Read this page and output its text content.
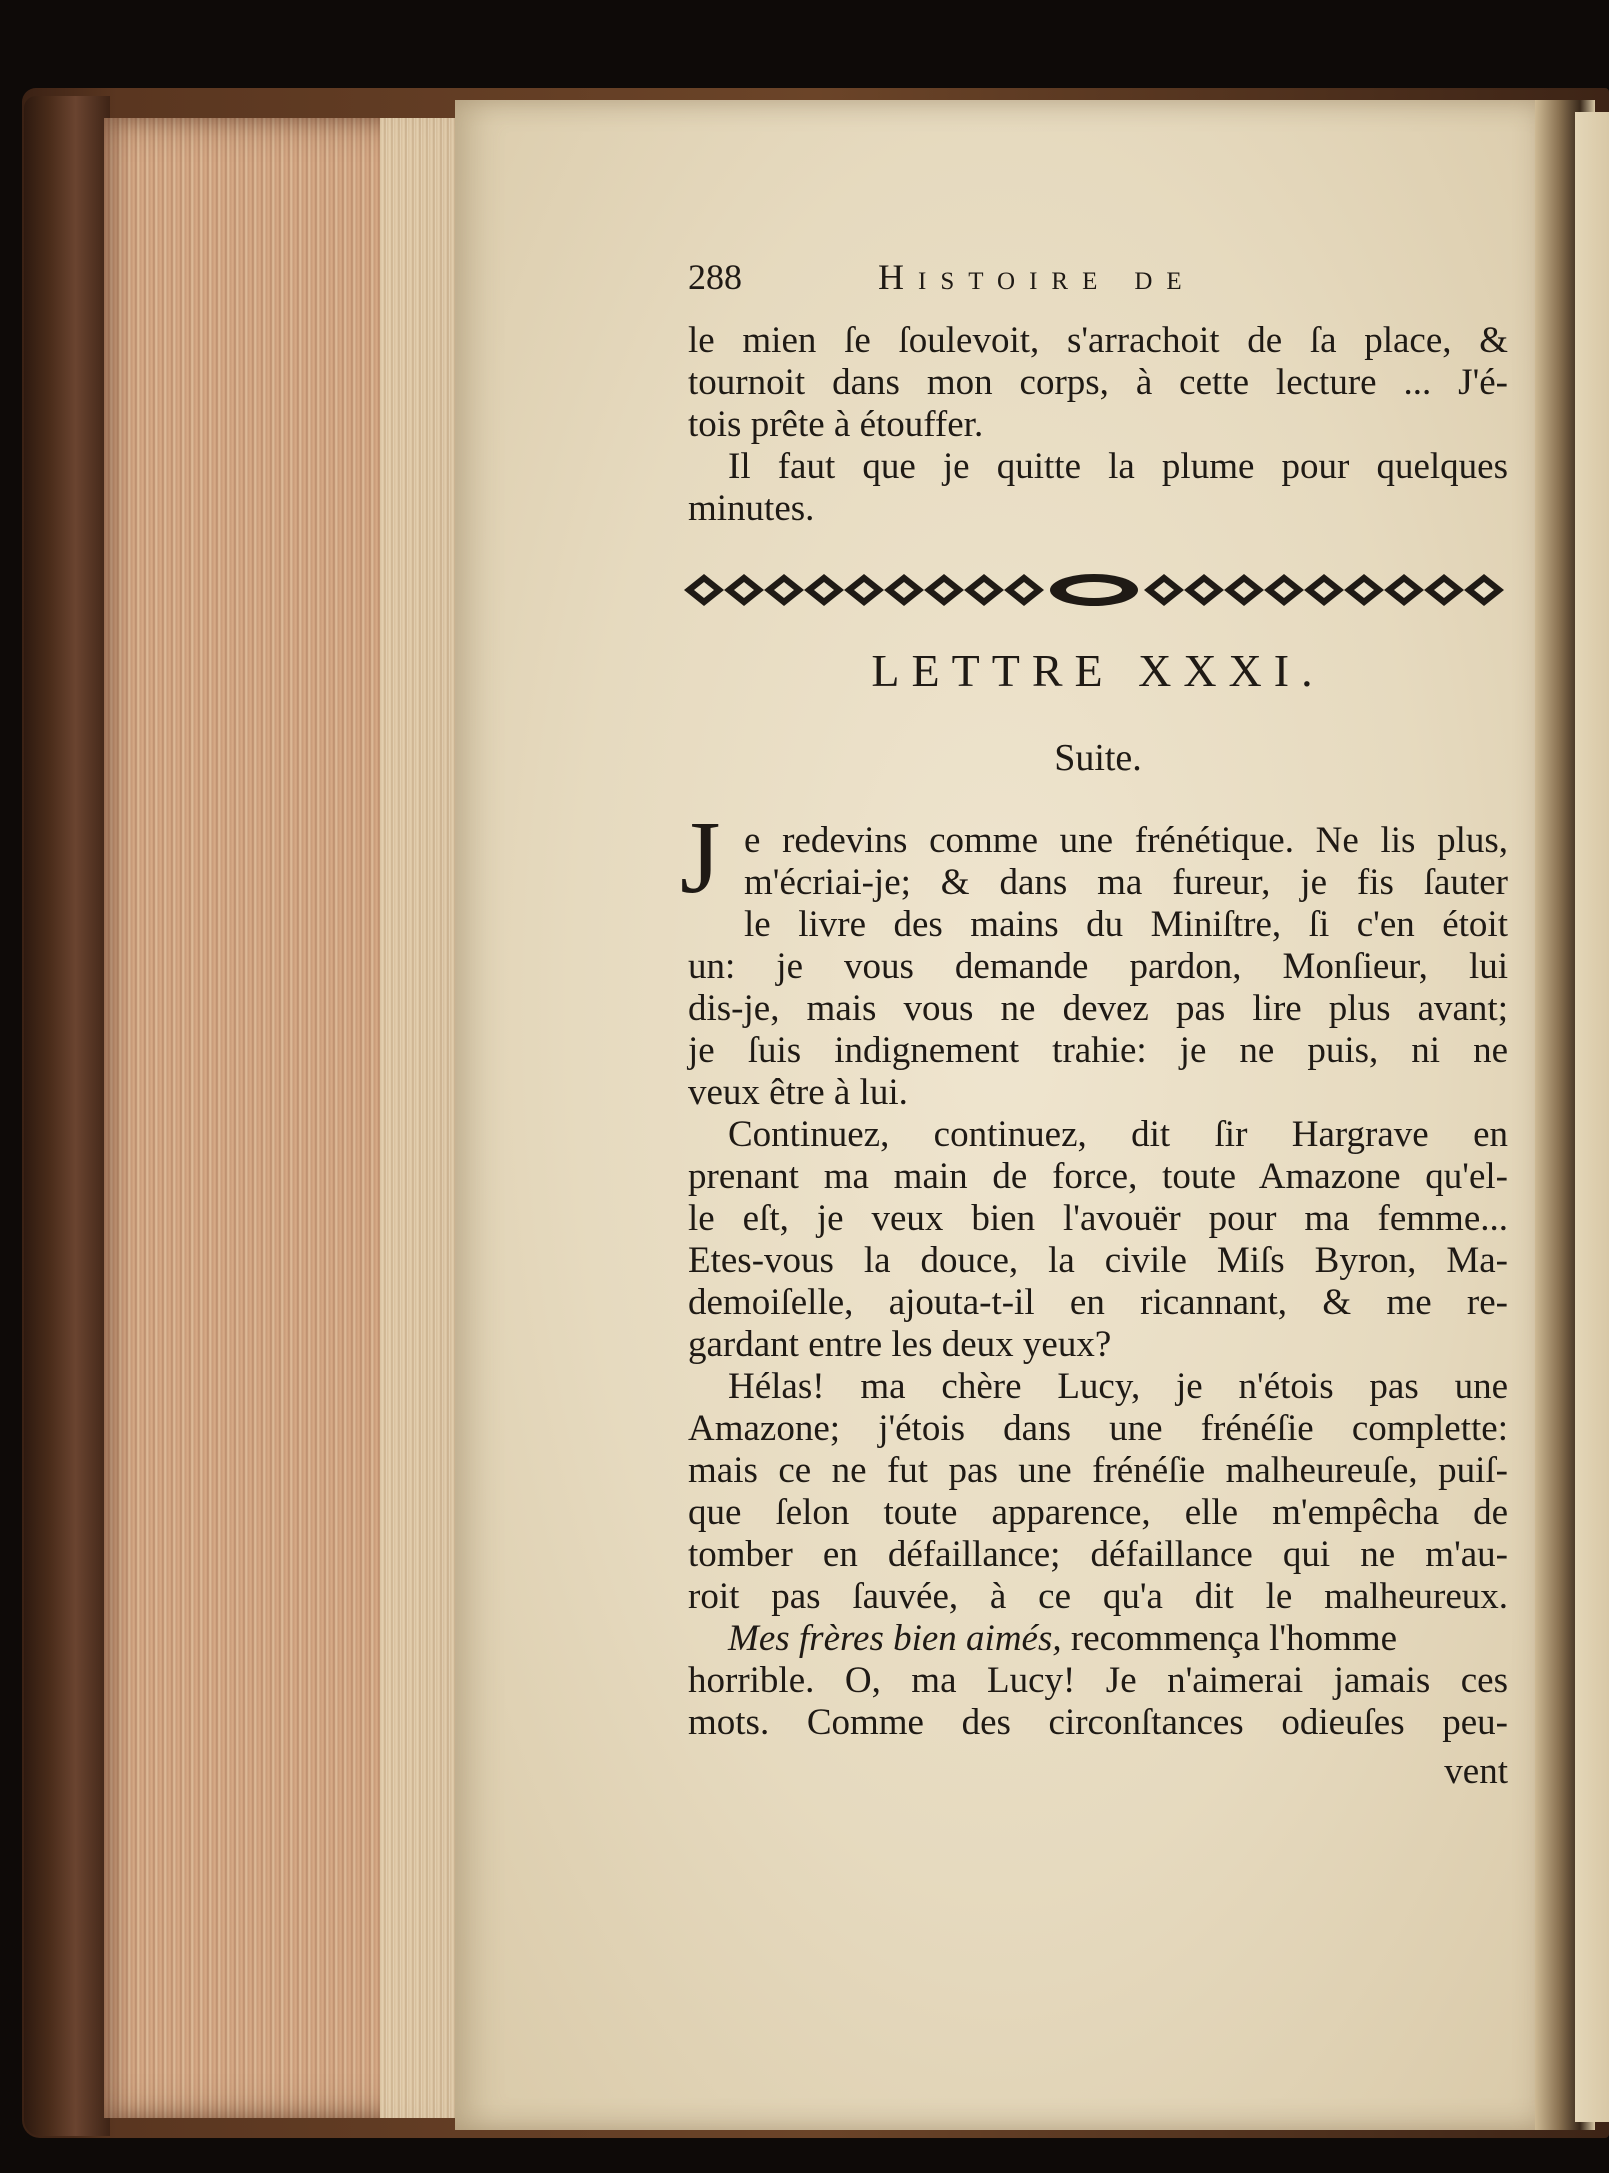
288	Histoire de
le mien ſe ſoulevoit, s'arrachoit de ſa place, &
tournoit dans mon corps, à cette lecture ... J'é-
tois prête à étouffer.
Il faut que je quitte la plume pour quelques
minutes.
LETTRE XXXI.
Suite.
J e redevins comme une frénétique. Ne lis plus,
m'écriai-je; & dans ma fureur, je fis ſauter
le livre des mains du Miniſtre, ſi c'en étoit
un: je vous demande pardon, Monſieur, lui
dis-je, mais vous ne devez pas lire plus avant;
je ſuis indignement trahie: je ne puis, ni ne
veux être à lui.
Continuez, continuez, dit ſir Hargrave en
prenant ma main de force, toute Amazone qu'el-
le eſt, je veux bien l'avouër pour ma femme...
Etes-vous la douce, la civile Miſs Byron, Ma-
demoiſelle, ajouta-t-il en ricannant, & me re-
gardant entre les deux yeux?
Hélas! ma chère Lucy, je n'étois pas une
Amazone; j'étois dans une frénéſie complette:
mais ce ne fut pas une frénéſie malheureuſe, puiſ-
que ſelon toute apparence, elle m'empêcha de
tomber en défaillance; défaillance qui ne m'au-
roit pas ſauvée, à ce qu'a dit le malheureux.
Mes frères bien aimés, recommença l'homme
horrible. O, ma Lucy! Je n'aimerai jamais ces
mots. Comme des circonſtances odieuſes peu-
vent
